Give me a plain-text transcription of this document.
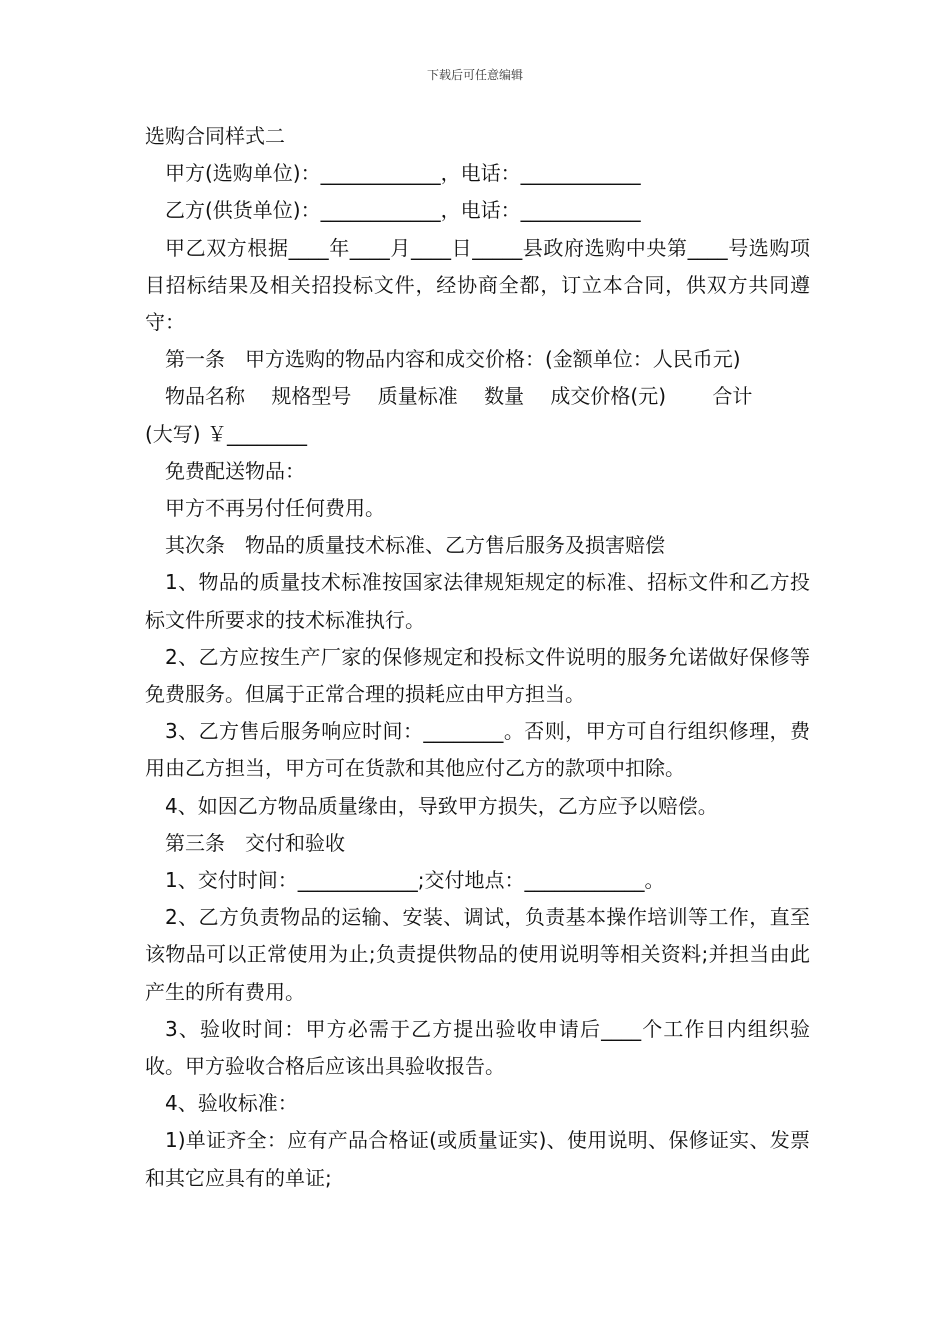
下载后可任意编辑

选购合同样式二

甲方(选购单位)：____________，电话：____________

乙方(供货单位)：____________，电话：____________

甲乙双方根据____年____月____日_____县政府选购中央第____号选购项目招标结果及相关招投标文件，经协商全都，订立本合同，供双方共同遵守：

第一条　甲方选购的物品内容和成交价格：(金额单位：人民币元)

物品名称　 规格型号　 质量标准　 数量　 成交价格(元)　　 合计

(大写) ￥________

免费配送物品：

甲方不再另付任何费用。

其次条　物品的质量技术标准、乙方售后服务及损害赔偿

1、物品的质量技术标准按国家法律规矩规定的标准、招标文件和乙方投标文件所要求的技术标准执行。

2、乙方应按生产厂家的保修规定和投标文件说明的服务允诺做好保修等免费服务。但属于正常合理的损耗应由甲方担当。

3、乙方售后服务响应时间：________。否则，甲方可自行组织修理，费用由乙方担当，甲方可在货款和其他应付乙方的款项中扣除。

4、如因乙方物品质量缘由，导致甲方损失，乙方应予以赔偿。

第三条　交付和验收

1、交付时间：____________;交付地点：____________。

2、乙方负责物品的运输、安装、调试，负责基本操作培训等工作，直至该物品可以正常使用为止;负责提供物品的使用说明等相关资料;并担当由此产生的所有费用。

3、验收时间：甲方必需于乙方提出验收申请后____个工作日内组织验收。甲方验收合格后应该出具验收报告。

4、验收标准：

1)单证齐全：应有产品合格证(或质量证实)、使用说明、保修证实、发票和其它应具有的单证;
